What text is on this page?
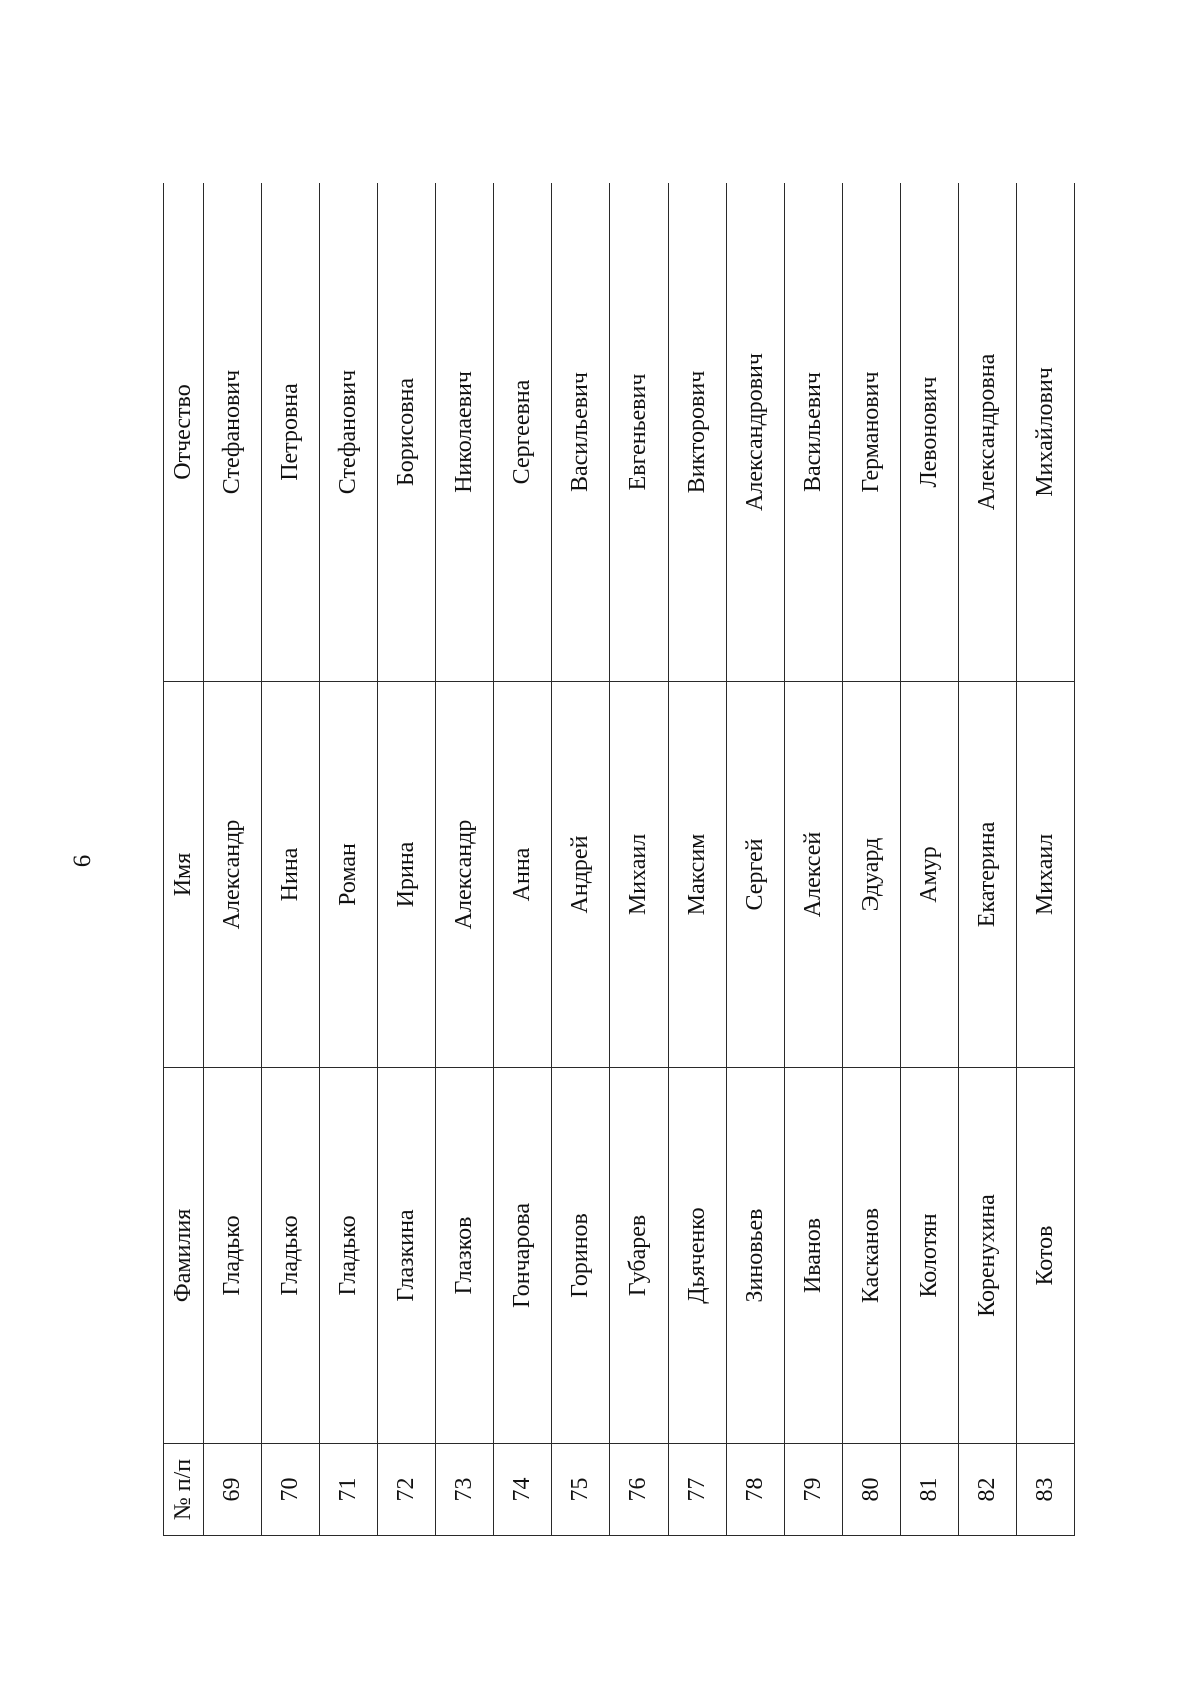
6
№ п/п	Фамилия	Имя	Отчество
69	Гладько	Александр	Стефанович
70	Гладько	Нина	Петровна
71	Гладько	Роман	Стефанович
72	Глазкина	Ирина	Борисовна
73	Глазков	Александр	Николаевич
74	Гончарова	Анна	Сергеевна
75	Горинов	Андрей	Васильевич
76	Губарев	Михаил	Евгеньевич
77	Дьяченко	Максим	Викторович
78	Зиновьев	Сергей	Александрович
79	Иванов	Алексей	Васильевич
80	Касканов	Эдуард	Германович
81	Колотян	Амур	Левонович
82	Коренухина	Екатерина	Александровна
83	Котов	Михаил	Михайлович
